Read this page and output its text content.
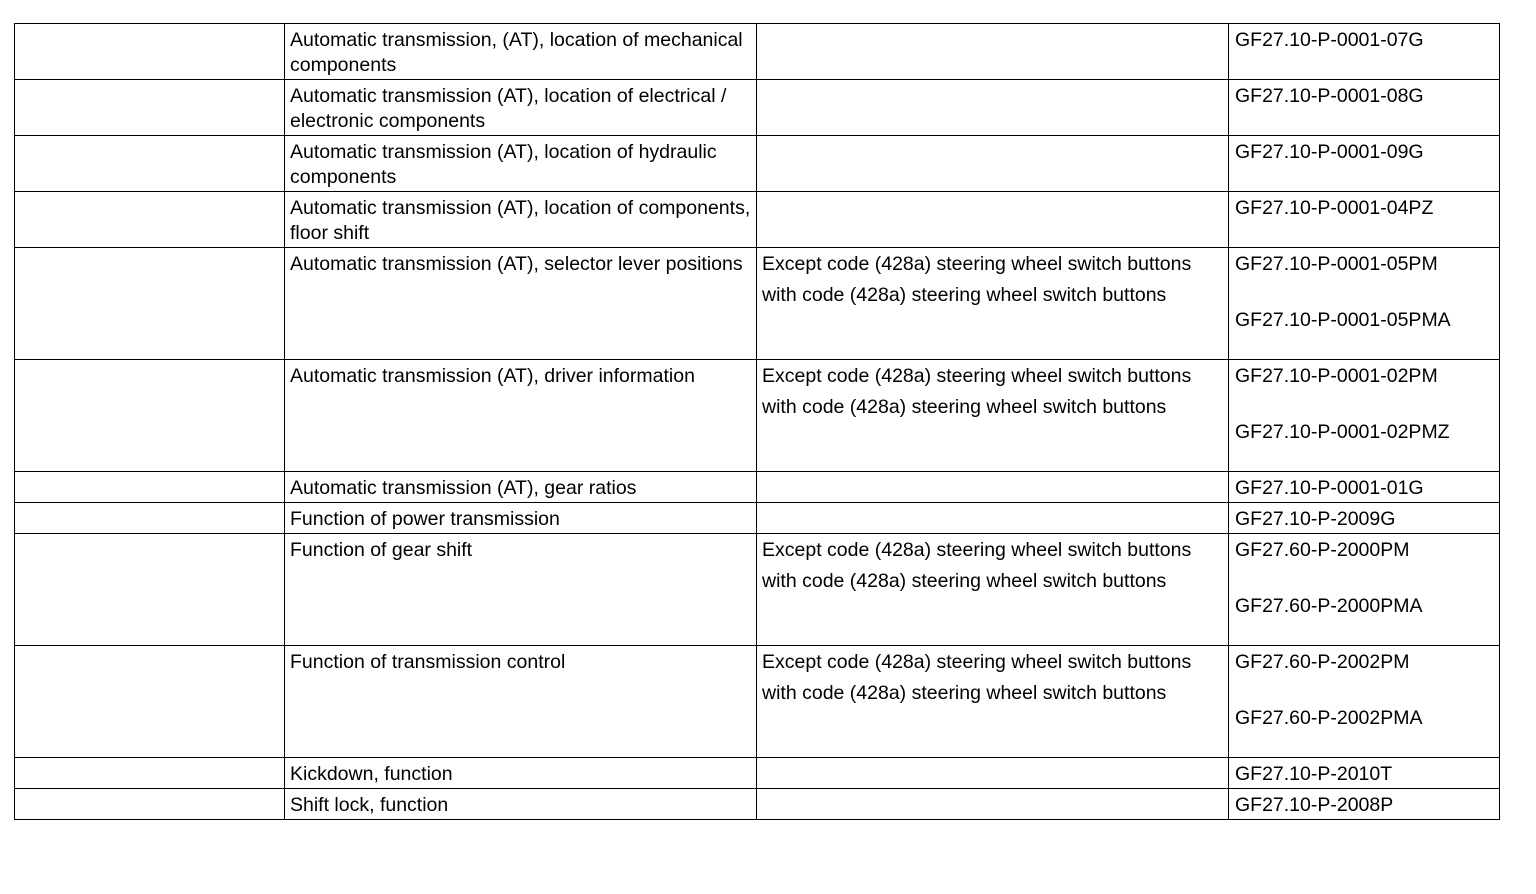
	Automatic transmission, (AT), location of mechanical components		GF27.10-P-0001-07G

	Automatic transmission (AT), location of electrical / electronic components		GF27.10-P-0001-08G

	Automatic transmission (AT), location of hydraulic components		GF27.10-P-0001-09G

	Automatic transmission (AT), location of components, floor shift		GF27.10-P-0001-04PZ

	Automatic transmission (AT), selector lever positions	Except code (428a) steering wheel switch buttons
with code (428a) steering wheel switch buttons	GF27.10-P-0001-05PM
GF27.10-P-0001-05PMA

	Automatic transmission (AT), driver information	Except code (428a) steering wheel switch buttons
with code (428a) steering wheel switch buttons	GF27.10-P-0001-02PM
GF27.10-P-0001-02PMZ

	Automatic transmission (AT), gear ratios		GF27.10-P-0001-01G

	Function of power transmission		GF27.10-P-2009G

	Function of gear shift	Except code (428a) steering wheel switch buttons
with code (428a) steering wheel switch buttons	GF27.60-P-2000PM
GF27.60-P-2000PMA

	Function of transmission control	Except code (428a) steering wheel switch buttons
with code (428a) steering wheel switch buttons	GF27.60-P-2002PM
GF27.60-P-2002PMA

	Kickdown, function		GF27.10-P-2010T

	Shift lock, function		GF27.10-P-2008P
